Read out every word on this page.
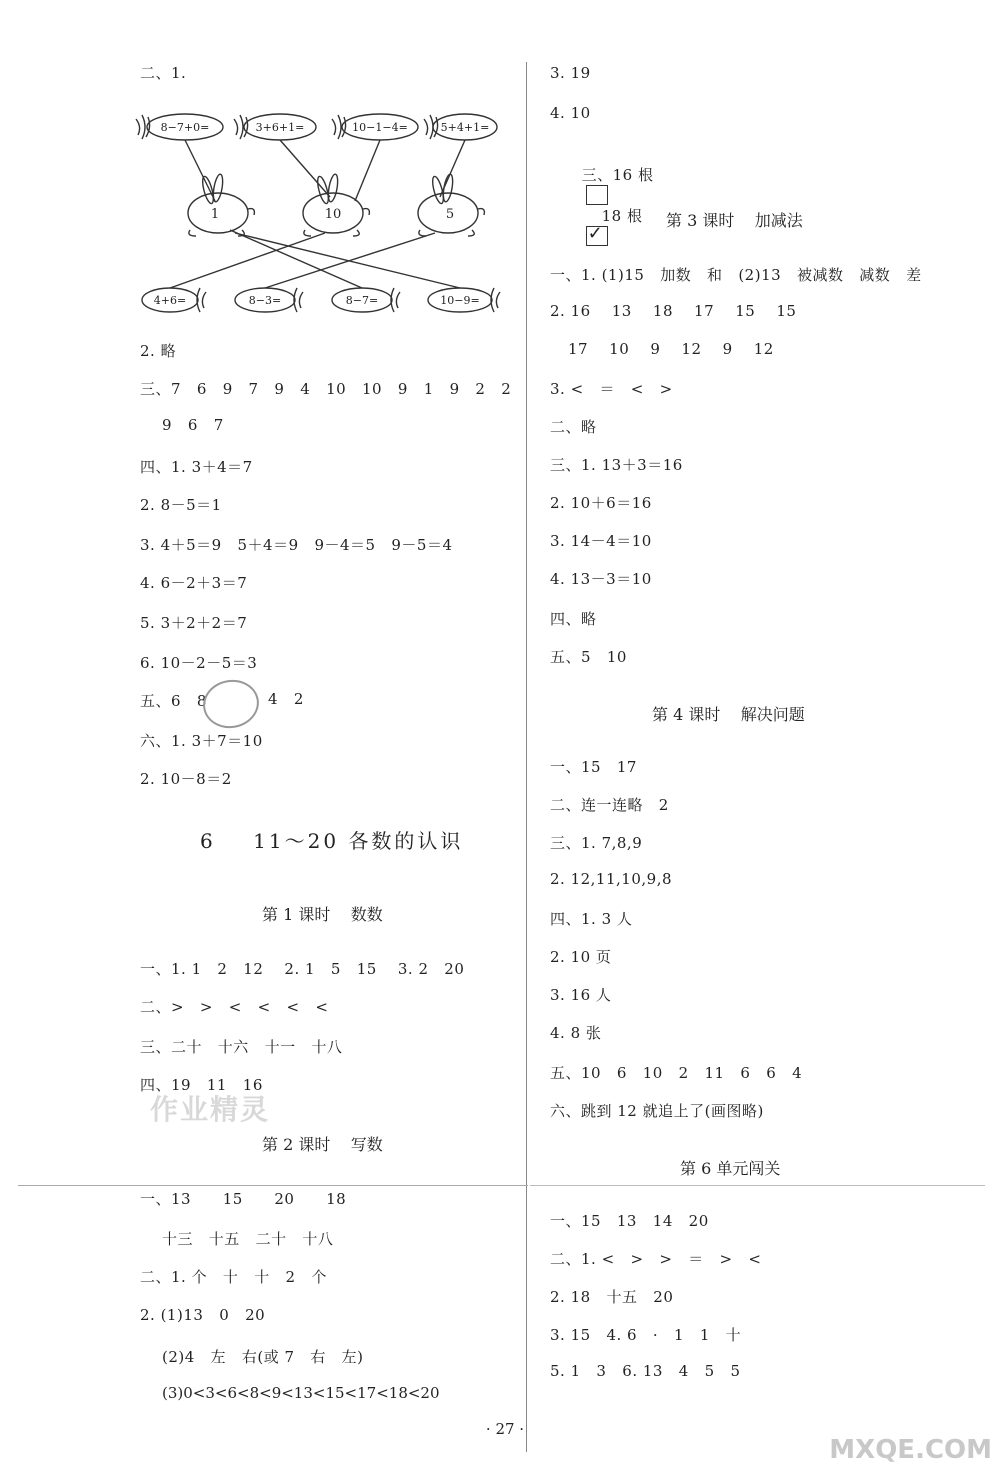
二、1.
8−7+0=	3+6+1=	10−1−4=	5+4+1=
4+6=	8−3=	8−7=	10−9=
1	10	5
2. 略
三、7   6   9   7   9   4   10   10   9   1   9   2   2
9   6   7
四、1. 3＋4＝7
2. 8－5＝1
3. 4＋5＝9   5＋4＝9   9－4＝5   9－5＝4
4. 6－2＋3＝7
5. 3＋2＋2＝7
6. 10－2－5＝3
五、6   8	4   2
六、1. 3＋7＝10
2. 10－8＝2
6    11～20 各数的认识
第 1 课时    数数
一、1. 1   2   12    2. 1   5   15    3. 2   20
二、>   >   <   <   <   <
三、二十   十六   十一   十八
四、19   11   16
作业精灵
第 2 课时    写数
一、13      15      20      18
十三   十五   二十   十八
二、1. 个   十   十   2   个
2. (1)13   0   20
(2)4   左   右(或 7   右   左)
(3)0<3<6<8<9<13<15<17<18<20
3. 19
4. 10

三、16 根

18 根
✓
	第 3 课时    加减法
一、1. (1)15   加数   和   (2)13   被减数   减数   差
2. 16    13    18    17    15    15
17    10    9    12    9    12
3. <   ＝   <   >
二、略
三、1. 13＋3＝16
2. 10＋6＝16
3. 14－4＝10
4. 13－3＝10
四、略
五、5   10
第 4 课时    解决问题
一、15   17
二、连一连略   2
三、1. 7,8,9
2. 12,11,10,9,8
四、1. 3 人
2. 10 页
3. 16 人
4. 8 张
五、10   6   10   2   11   6   6   4
六、跳到 12 就追上了(画图略)
第 6 单元闯关
一、15   13   14   20
二、1. <   >   >   ＝   >   <
2. 18   十五   20
3. 15   4. 6   ·   1   1   十
5. 1   3   6. 13   4   5   5
· 27 ·
MXQE.COM
